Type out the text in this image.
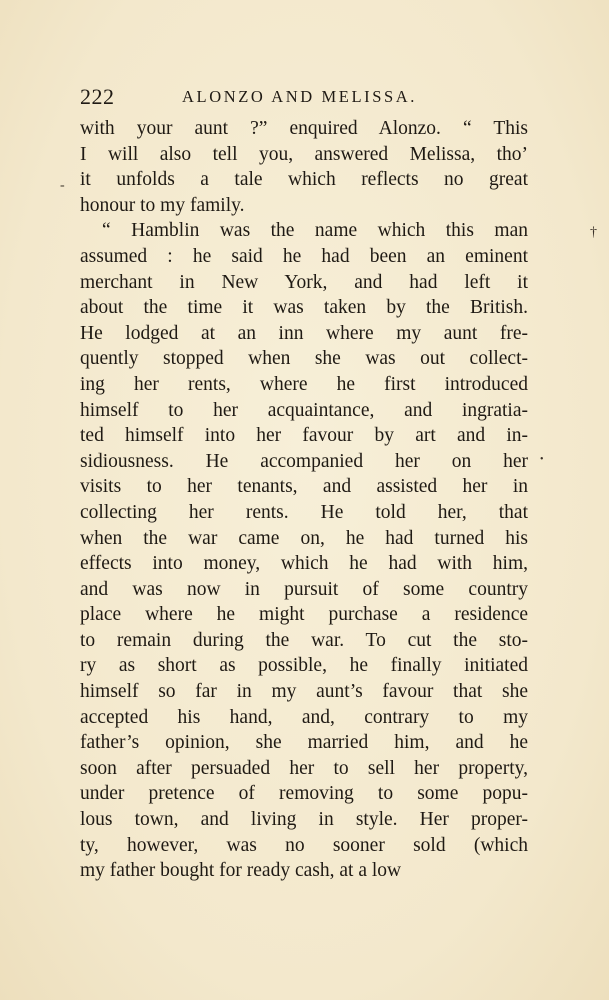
222	ALONZO AND MELISSA.
with your aunt ?” enquired Alonzo. “ This
I will also tell you, answered Melissa, tho’
it unfolds a tale which reflects no great
honour to my family.
“ Hamblin was the name which this man
assumed : he said he had been an eminent
merchant in New York, and had left it
about the time it was taken by the British.
He lodged at an inn where my aunt fre-
quently stopped when she was out collect-
ing her rents, where he first introduced
himself to her acquaintance, and ingratia-
ted himself into her favour by art and in-
sidiousness. He accompanied her on her
visits to her tenants, and assisted her in
collecting her rents. He told her, that
when the war came on, he had turned his
effects into money, which he had with him,
and was now in pursuit of some country
place where he might purchase a residence
to remain during the war. To cut the sto-
ry as short as possible, he finally initiated
himself so far in my aunt’s favour that she
accepted his hand, and, contrary to my
father’s opinion, she married him, and he
soon after persuaded her to sell her property,
under pretence of removing to some popu-
lous town, and living in style. Her proper-
ty, however, was no sooner sold (which
my father bought for ready cash, at a low
-
†
•
